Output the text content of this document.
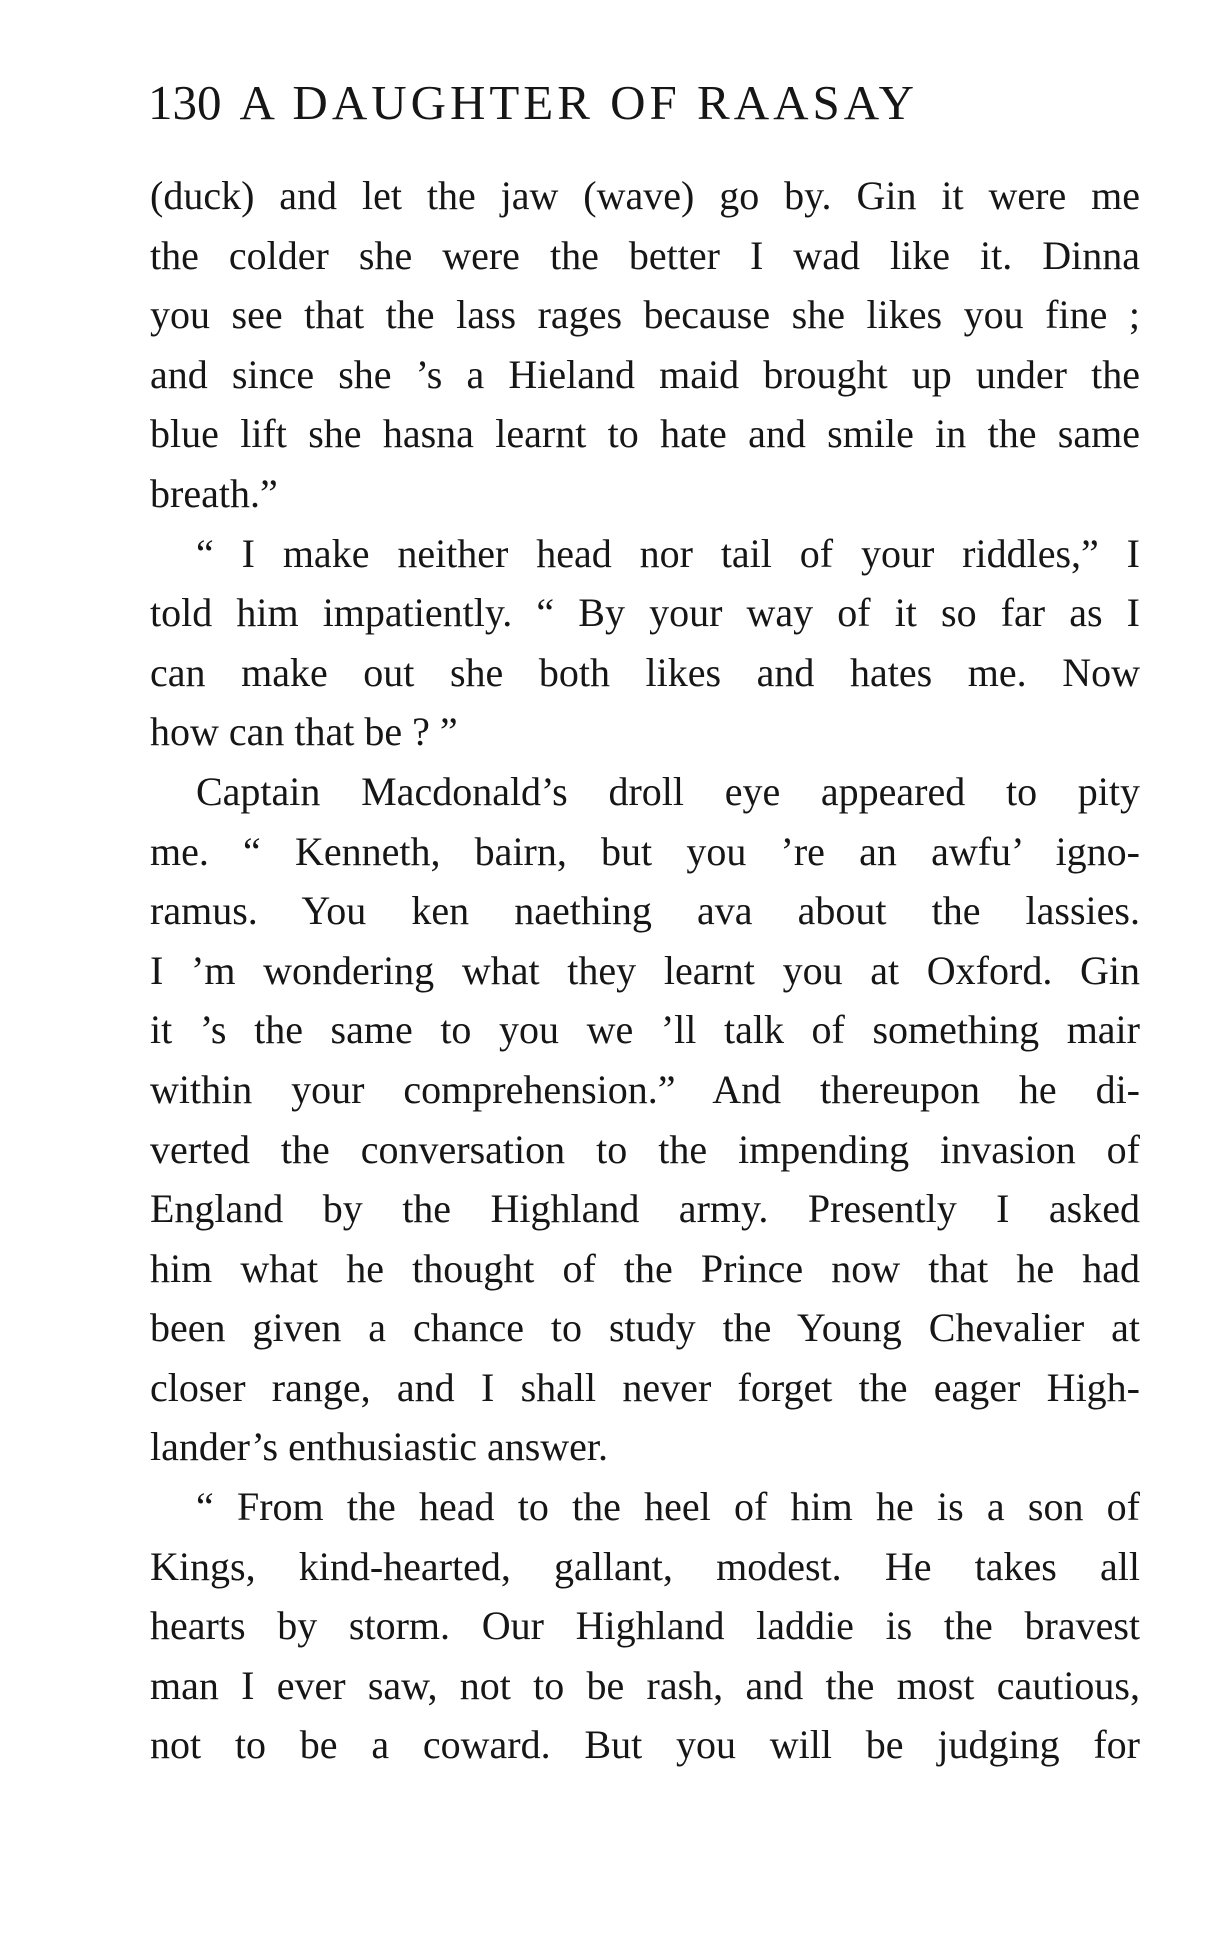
130 A DAUGHTER OF RAASAY
(duck) and let the jaw (wave) go by. Gin it were me
the colder she were the better I wad like it. Dinna
you see that the lass rages because she likes you fine ;
and since she ’s a Hieland maid brought up under the
blue lift she hasna learnt to hate and smile in the same
breath.”
“ I make neither head nor tail of your riddles,” I
told him impatiently. “ By your way of it so far as I
can make out she both likes and hates me. Now
how can that be ? ”
Captain Macdonald’s droll eye appeared to pity
me. “ Kenneth, bairn, but you ’re an awfu’ igno-
ramus. You ken naething ava about the lassies.
I ’m wondering what they learnt you at Oxford. Gin
it ’s the same to you we ’ll talk of something mair
within your comprehension.” And thereupon he di-
verted the conversation to the impending invasion of
England by the Highland army. Presently I asked
him what he thought of the Prince now that he had
been given a chance to study the Young Chevalier at
closer range, and I shall never forget the eager High-
lander’s enthusiastic answer.
“ From the head to the heel of him he is a son of
Kings, kind-hearted, gallant, modest. He takes all
hearts by storm. Our Highland laddie is the bravest
man I ever saw, not to be rash, and the most cautious,
not to be a coward. But you will be judging for
